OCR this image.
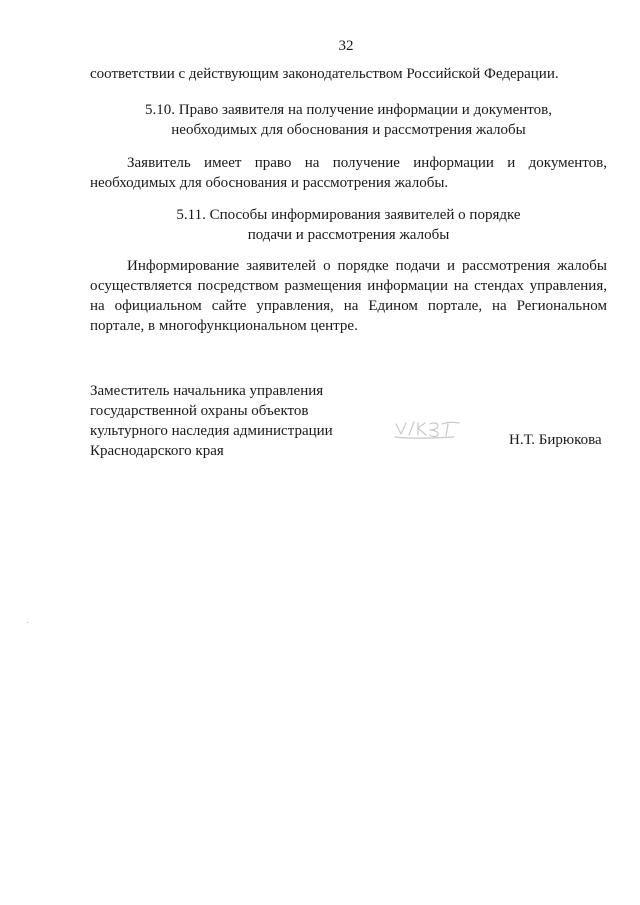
32
соответствии с действующим законодательством Российской Федерации.
5.10. Право заявителя на получение информации и документов,
необходимых для обоснования и рассмотрения жалобы
Заявитель имеет право на получение информации и документов,
необходимых для обоснования и рассмотрения жалобы.
5.11. Способы информирования заявителей о порядке
подачи и рассмотрения жалобы
Информирование заявителей о порядке подачи и рассмотрения жалобы
осуществляется посредством размещения информации на стендах управления,
на официальном сайте управления, на Едином портале, на Региональном
портале, в многофункциональном центре.
Заместитель начальника управления
государственной охраны объектов
культурного наследия администрации
Краснодарского края
Н.Т. Бирюкова
